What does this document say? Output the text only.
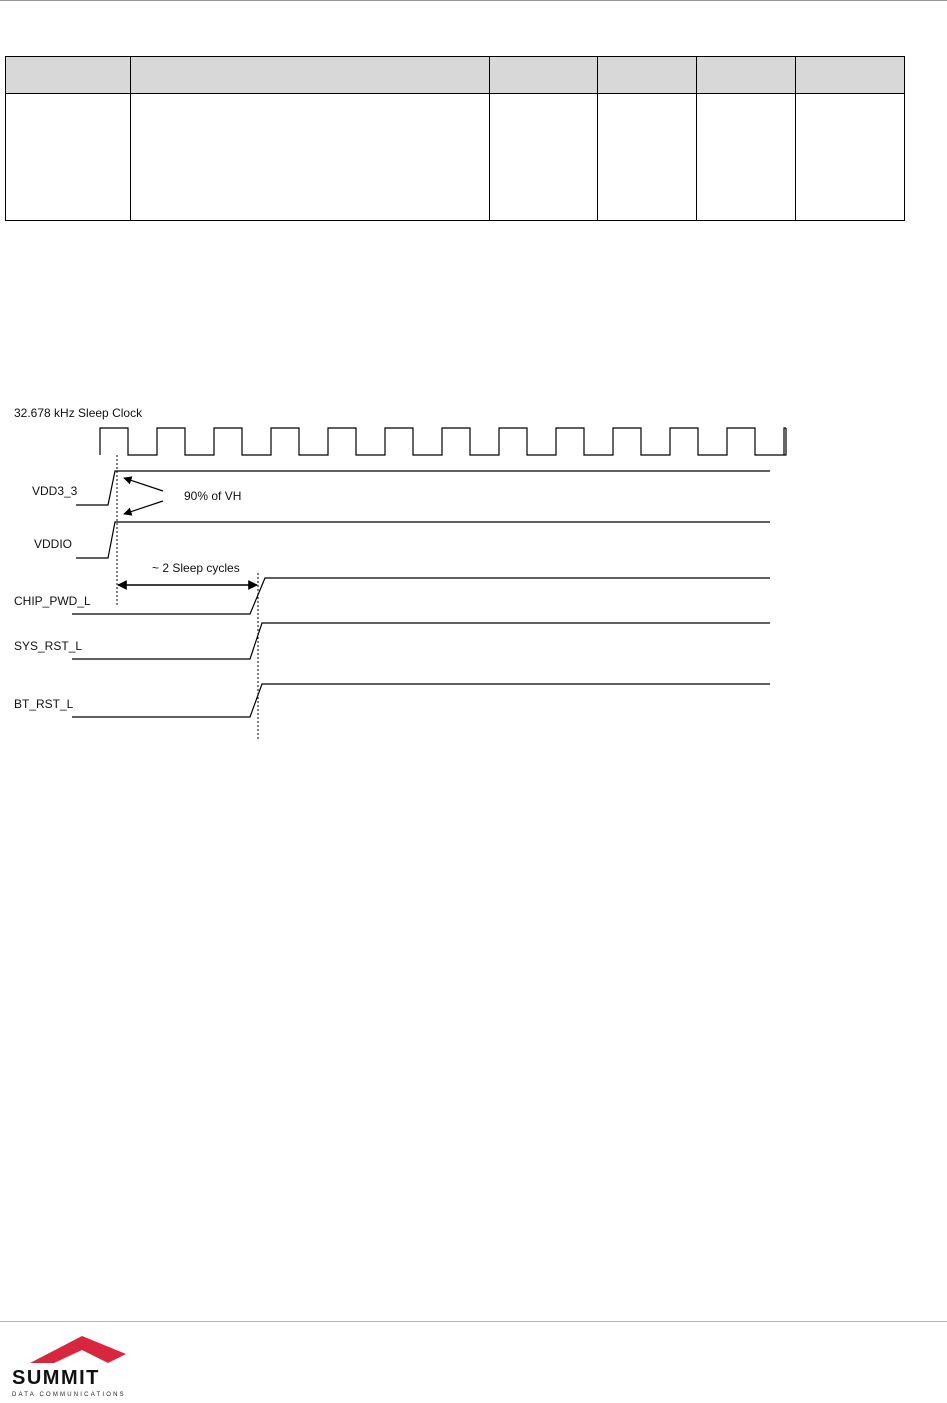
32.678 kHz Sleep Clock
VDD3_3
VDDIO
90% of VH
~ 2 Sleep cycles
CHIP_PWD_L
SYS_RST_L
BT_RST_L
SUMMIT
DATA COMMUNICATIONS
